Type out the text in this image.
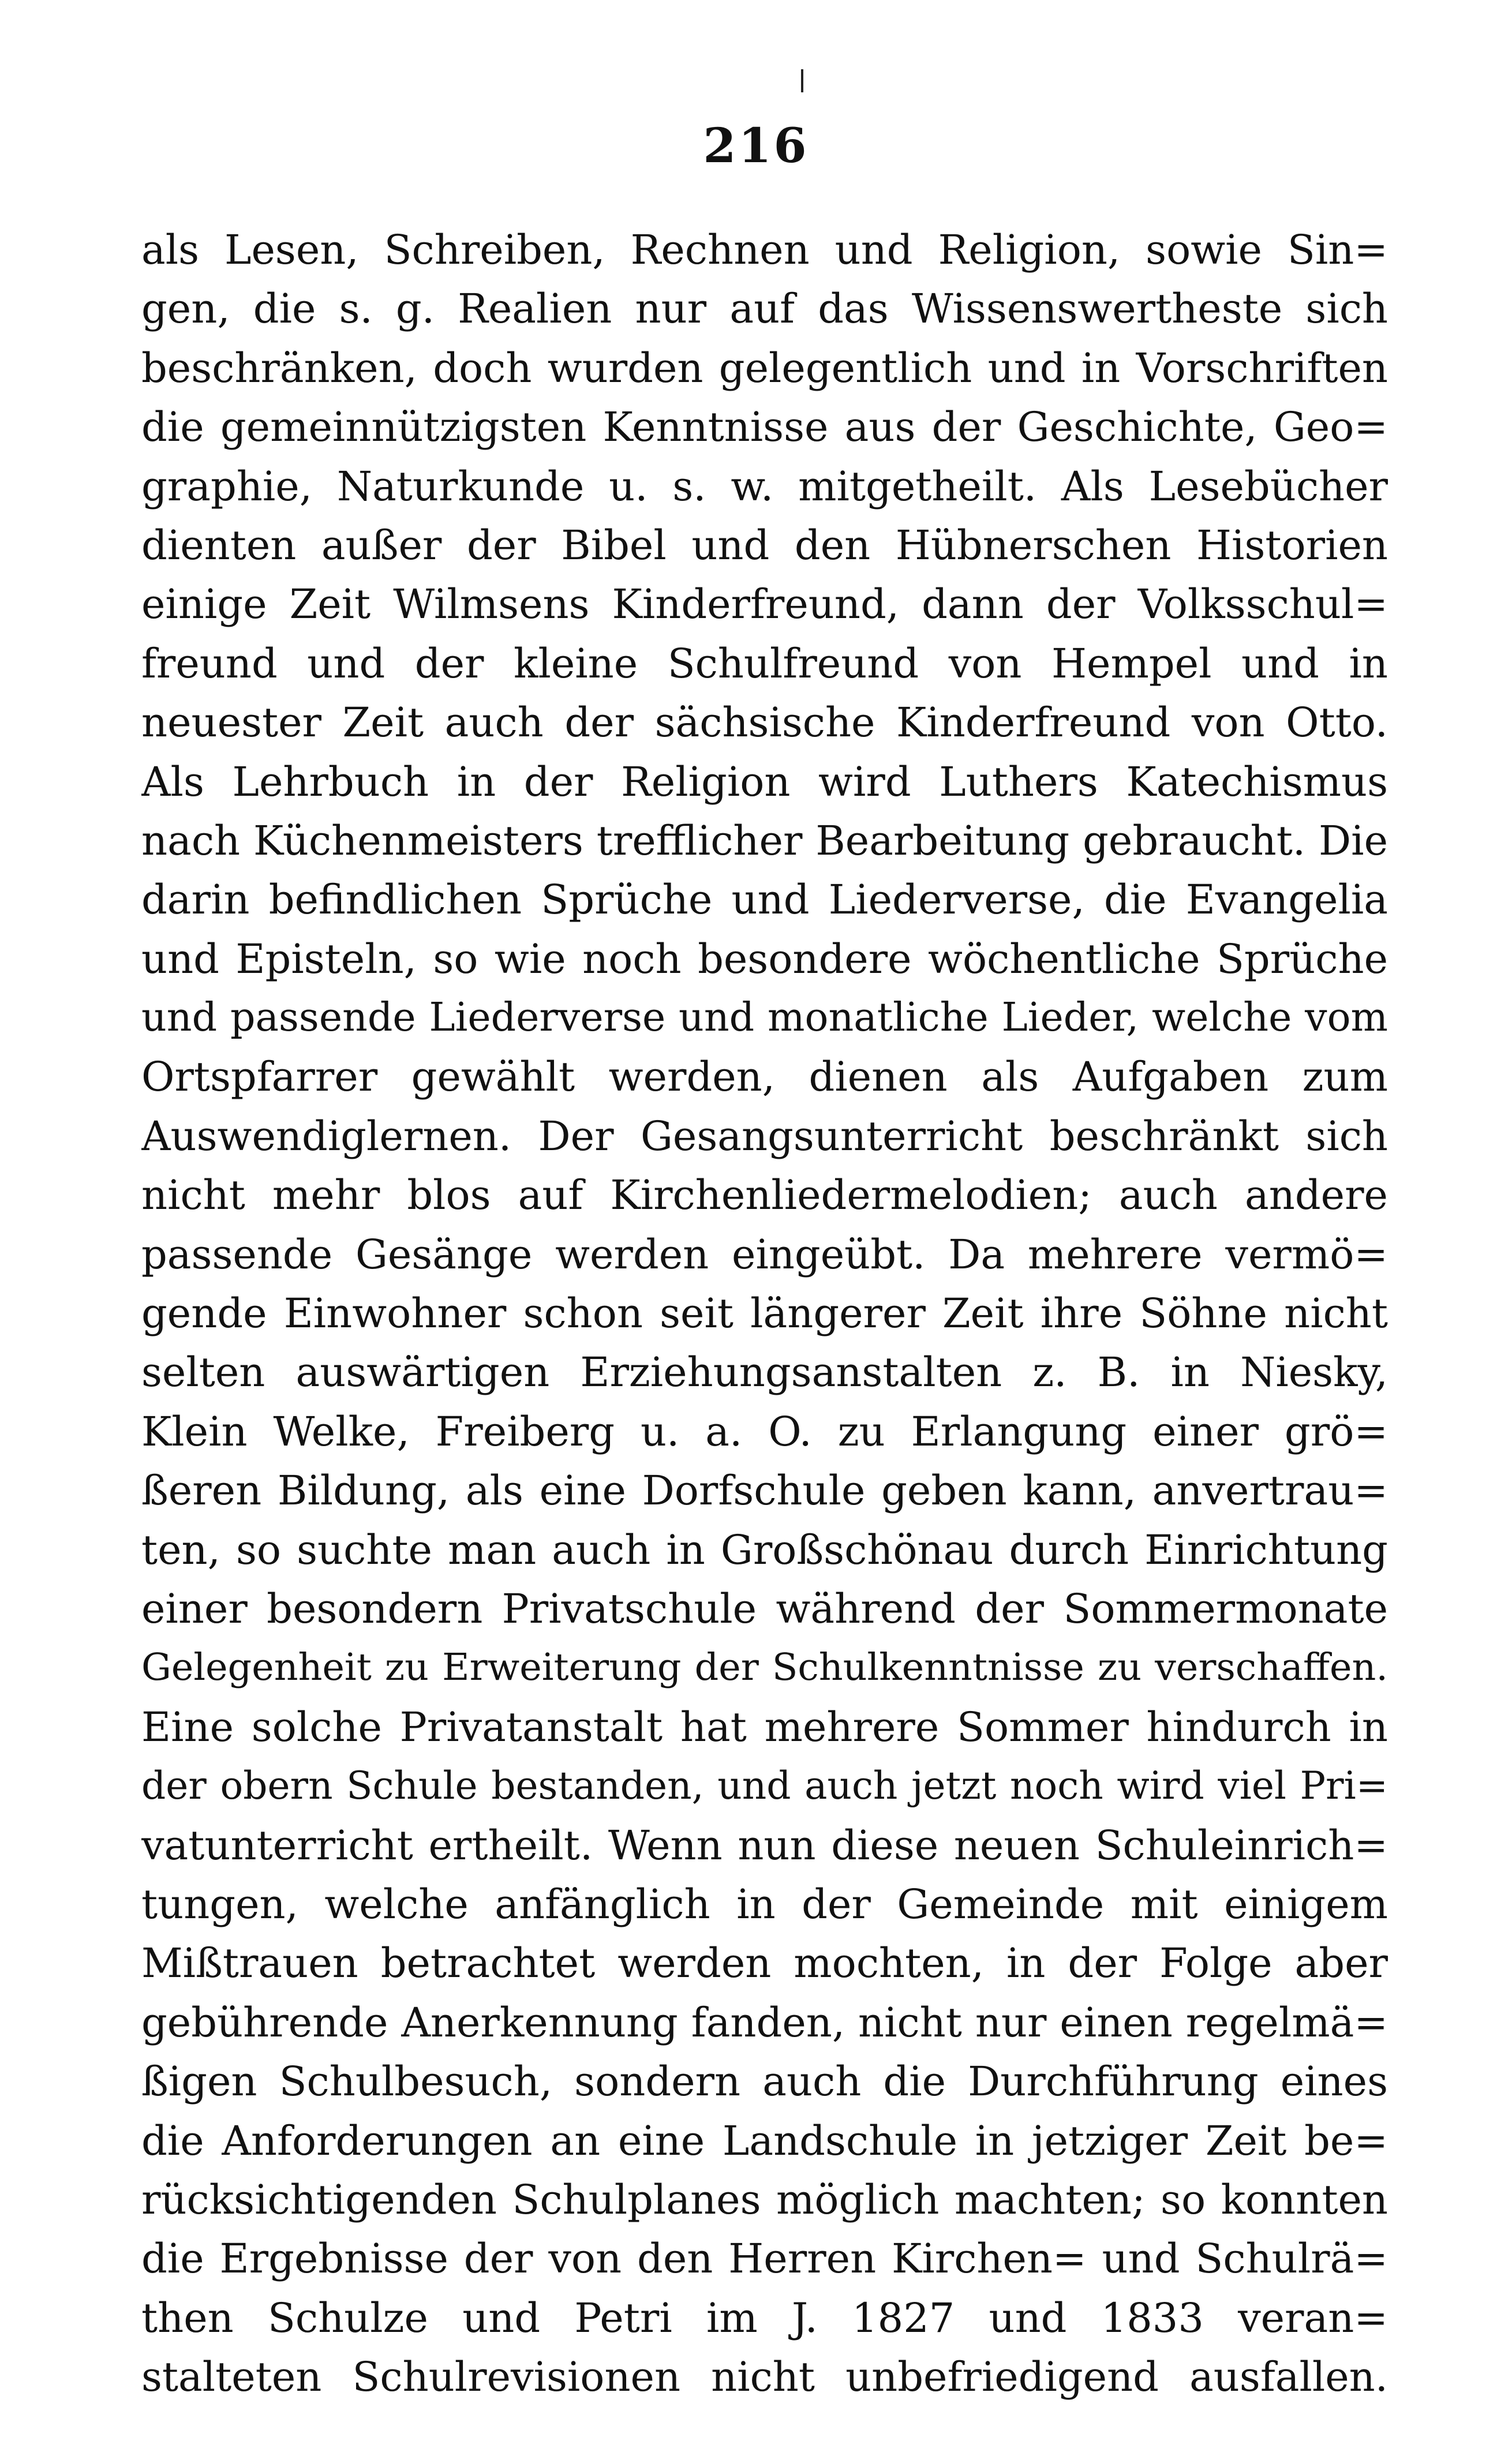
216
als Lesen, Schreiben, Rechnen und Religion, sowie Sin=
gen, die s. g. Realien nur auf das Wissenswertheste sich
beschränken, doch wurden gelegentlich und in Vorschriften
die gemeinnützigsten Kenntnisse aus der Geschichte, Geo=
graphie, Naturkunde u. s. w. mitgetheilt. Als Lesebücher
dienten außer der Bibel und den Hübnerschen Historien
einige Zeit Wilmsens Kinderfreund, dann der Volksschul=
freund und der kleine Schulfreund von Hempel und in
neuester Zeit auch der sächsische Kinderfreund von Otto.
Als Lehrbuch in der Religion wird Luthers Katechismus
nach Küchenmeisters trefflicher Bearbeitung gebraucht. Die
darin befindlichen Sprüche und Liederverse, die Evangelia
und Episteln, so wie noch besondere wöchentliche Sprüche
und passende Liederverse und monatliche Lieder, welche vom
Ortspfarrer gewählt werden, dienen als Aufgaben zum
Auswendiglernen. Der Gesangsunterricht beschränkt sich
nicht mehr blos auf Kirchenliedermelodien; auch andere
passende Gesänge werden eingeübt. Da mehrere vermö=
gende Einwohner schon seit längerer Zeit ihre Söhne nicht
selten auswärtigen Erziehungsanstalten z. B. in Niesky,
Klein Welke, Freiberg u. a. O. zu Erlangung einer grö=
ßeren Bildung, als eine Dorfschule geben kann, anvertrau=
ten, so suchte man auch in Großschönau durch Einrichtung
einer besondern Privatschule während der Sommermonate
Gelegenheit zu Erweiterung der Schulkenntnisse zu verschaffen.
Eine solche Privatanstalt hat mehrere Sommer hindurch in
der obern Schule bestanden, und auch jetzt noch wird viel Pri=
vatunterricht ertheilt. Wenn nun diese neuen Schuleinrich=
tungen, welche anfänglich in der Gemeinde mit einigem
Mißtrauen betrachtet werden mochten, in der Folge aber
gebührende Anerkennung fanden, nicht nur einen regelmä=
ßigen Schulbesuch, sondern auch die Durchführung eines
die Anforderungen an eine Landschule in jetziger Zeit be=
rücksichtigenden Schulplanes möglich machten; so konnten
die Ergebnisse der von den Herren Kirchen= und Schulrä=
then Schulze und Petri im J. 1827 und 1833 veran=
stalteten Schulrevisionen nicht unbefriedigend ausfallen.
